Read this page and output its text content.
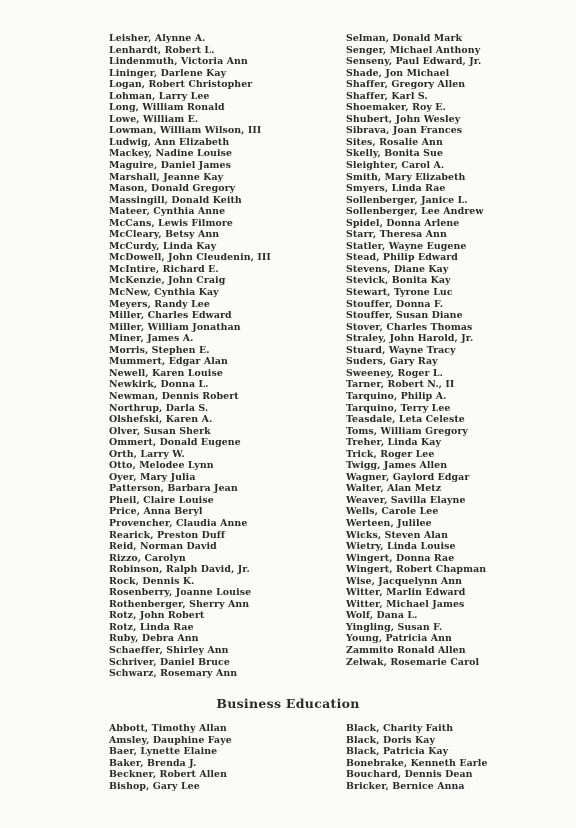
Leisher, Alynne A.
Lenhardt, Robert L.
Lindenmuth, Victoria Ann
Lininger, Darlene Kay
Logan, Robert Christopher
Lohman, Larry Lee
Long, William Ronald
Lowe, William E.
Lowman, William Wilson, III
Ludwig, Ann Elizabeth
Mackey, Nadine Louise
Maguire, Daniel James
Marshall, Jeanne Kay
Mason, Donald Gregory
Massingill, Donald Keith
Mateer, Cynthia Anne
McCans, Lewis Filmore
McCleary, Betsy Ann
McCurdy, Linda Kay
McDowell, John Cleudenin, III
McIntire, Richard E.
McKenzie, John Craig
McNew, Cynthia Kay
Meyers, Randy Lee
Miller, Charles Edward
Miller, William Jonathan
Miner, James A.
Morris, Stephen E.
Mummert, Edgar Alan
Newell, Karen Louise
Newkirk, Donna L.
Newman, Dennis Robert
Northrup, Darla S.
Olshefski, Karen A.
Olver, Susan Sherk
Ommert, Donald Eugene
Orth, Larry W.
Otto, Melodee Lynn
Oyer, Mary Julia
Patterson, Barbara Jean
Pheil, Claire Louise
Price, Anna Beryl
Provencher, Claudia Anne
Rearick, Preston Duff
Reid, Norman David
Rizzo, Carolyn
Robinson, Ralph David, Jr.
Rock, Dennis K.
Rosenberry, Joanne Louise
Rothenberger, Sherry Ann
Rotz, John Robert
Rotz, Linda Rae
Ruby, Debra Ann
Schaeffer, Shirley Ann
Schriver, Daniel Bruce
Schwarz, Rosemary Ann
Selman, Donald Mark
Senger, Michael Anthony
Senseny, Paul Edward, Jr.
Shade, Jon Michael
Shaffer, Gregory Allen
Shaffer, Karl S.
Shoemaker, Roy E.
Shubert, John Wesley
Sibrava, Joan Frances
Sites, Rosalie Ann
Skelly, Bonita Sue
Sleighter, Carol A.
Smith, Mary Elizabeth
Smyers, Linda Rae
Sollenberger, Janice L.
Sollenberger, Lee Andrew
Spidel, Donna Arlene
Starr, Theresa Ann
Statler, Wayne Eugene
Stead, Philip Edward
Stevens, Diane Kay
Stevick, Bonita Kay
Stewart, Tyrone Luc
Stouffer, Donna F.
Stouffer, Susan Diane
Stover, Charles Thomas
Straley, John Harold, Jr.
Stuard, Wayne Tracy
Suders, Gary Ray
Sweeney, Roger L.
Tarner, Robert N., II
Tarquino, Philip A.
Tarquino, Terry Lee
Teasdale, Leta Celeste
Toms, William Gregory
Treher, Linda Kay
Trick, Roger Lee
Twigg, James Allen
Wagner, Gaylord Edgar
Walter, Alan Metz
Weaver, Savilla Elayne
Wells, Carole Lee
Werteen, Julilee
Wicks, Steven Alan
Wietry, Linda Louise
Wingert, Donna Rae
Wingert, Robert Chapman
Wise, Jacquelynn Ann
Witter, Marlin Edward
Witter, Michael James
Wolf, Dana L.
Yingling, Susan F.
Young, Patricia Ann
Zammito Ronald Allen
Zelwak, Rosemarie Carol
Business Education
Abbott, Timothy Allan
Amsley, Dauphine Faye
Baer, Lynette Elaine
Baker, Brenda J.
Beckner, Robert Allen
Bishop, Gary Lee
Black, Charity Faith
Black, Doris Kay
Black, Patricia Kay
Bonebrake, Kenneth Earle
Bouchard, Dennis Dean
Bricker, Bernice Anna
